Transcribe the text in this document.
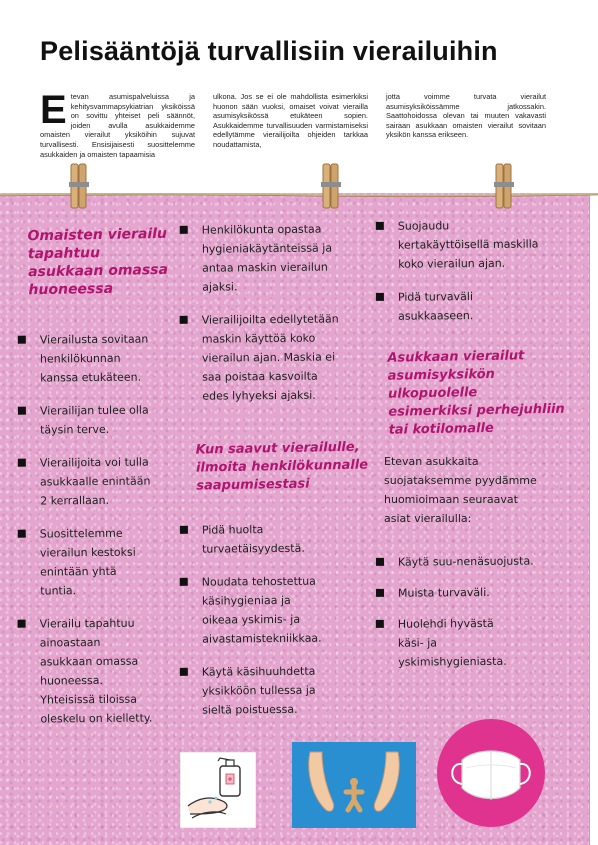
Pelisääntöjä turvallisiin vierailuihin
Etevan asumispalveluissa ja kehitysvammapsykiatrian yksiköissä on sovittu yhteiset peli säännöt, joiden avulla asukkaidemme omaisten vierailut yksiköihin sujuvat turvallisesti. Ensisijaisesti suosittelemme asukkaiden ja omaisten tapaamisia
ulkona. Jos se ei ole mahdollista esimerkiksi huonon sään vuoksi, omaiset voivat vierailla asumisyksikössä etukäteen sopien. Asukkaidemme turvallisuuden varmistamiseksi edellytämme vierailijoilta ohjeiden tarkkaa noudattamista,
jotta voimme turvata vierailut asumisyksiköissämme jatkossakin. Saattohoidossa olevan tai muuten vakavasti sairaan asukkaan omaisten vierailut sovitaan yksikön kanssa erikseen.
Omaisten vierailu
tapahtuu
asukkaan omassa
huoneessa
Vierailusta sovitaan
henkilökunnan
kanssa etukäteen.
Vierailijan tulee olla
täysin terve.
Vierailijoita voi tulla
asukkaalle enintään
2 kerrallaan.
Suosittelemme
vierailun kestoksi
enintään yhtä
tuntia.
Vierailu tapahtuu
ainoastaan
asukkaan omassa
huoneessa.
Yhteisissä tiloissa
oleskelu on kielletty.
Henkilökunta opastaa
hygieniakäytänteissä ja
antaa maskin vierailun
ajaksi.
Vierailijoilta edellytetään
maskin käyttöä koko
vierailun ajan. Maskia ei
saa poistaa kasvoilta
edes lyhyeksi ajaksi.
Kun saavut vierailulle,
ilmoita henkilökunnalle
saapumisestasi
Pidä huolta
turvaetäisyydestä.
Noudata tehostettua
käsihygieniaa ja
oikeaa yskimis- ja
aivastamistekniikkaa.
Käytä käsihuuhdetta
yksikköön tullessa ja
sieltä poistuessa.
Suojaudu
kertakäyttöisellä maskilla
koko vierailun ajan.
Pidä turvaväli
asukkaaseen.
Asukkaan vierailut
asumisyksikön ulkopuolelle
esimerkiksi perhejuhliin
tai kotilomalle
Etevan asukkaita
suojataksemme pyydämme
huomioimaan seuraavat
asiat vierailulla:
Käytä suu-nenäsuojusta.
Muista turvaväli.
Huolehdi hyvästä
käsi- ja
yskimishygieniasta.
